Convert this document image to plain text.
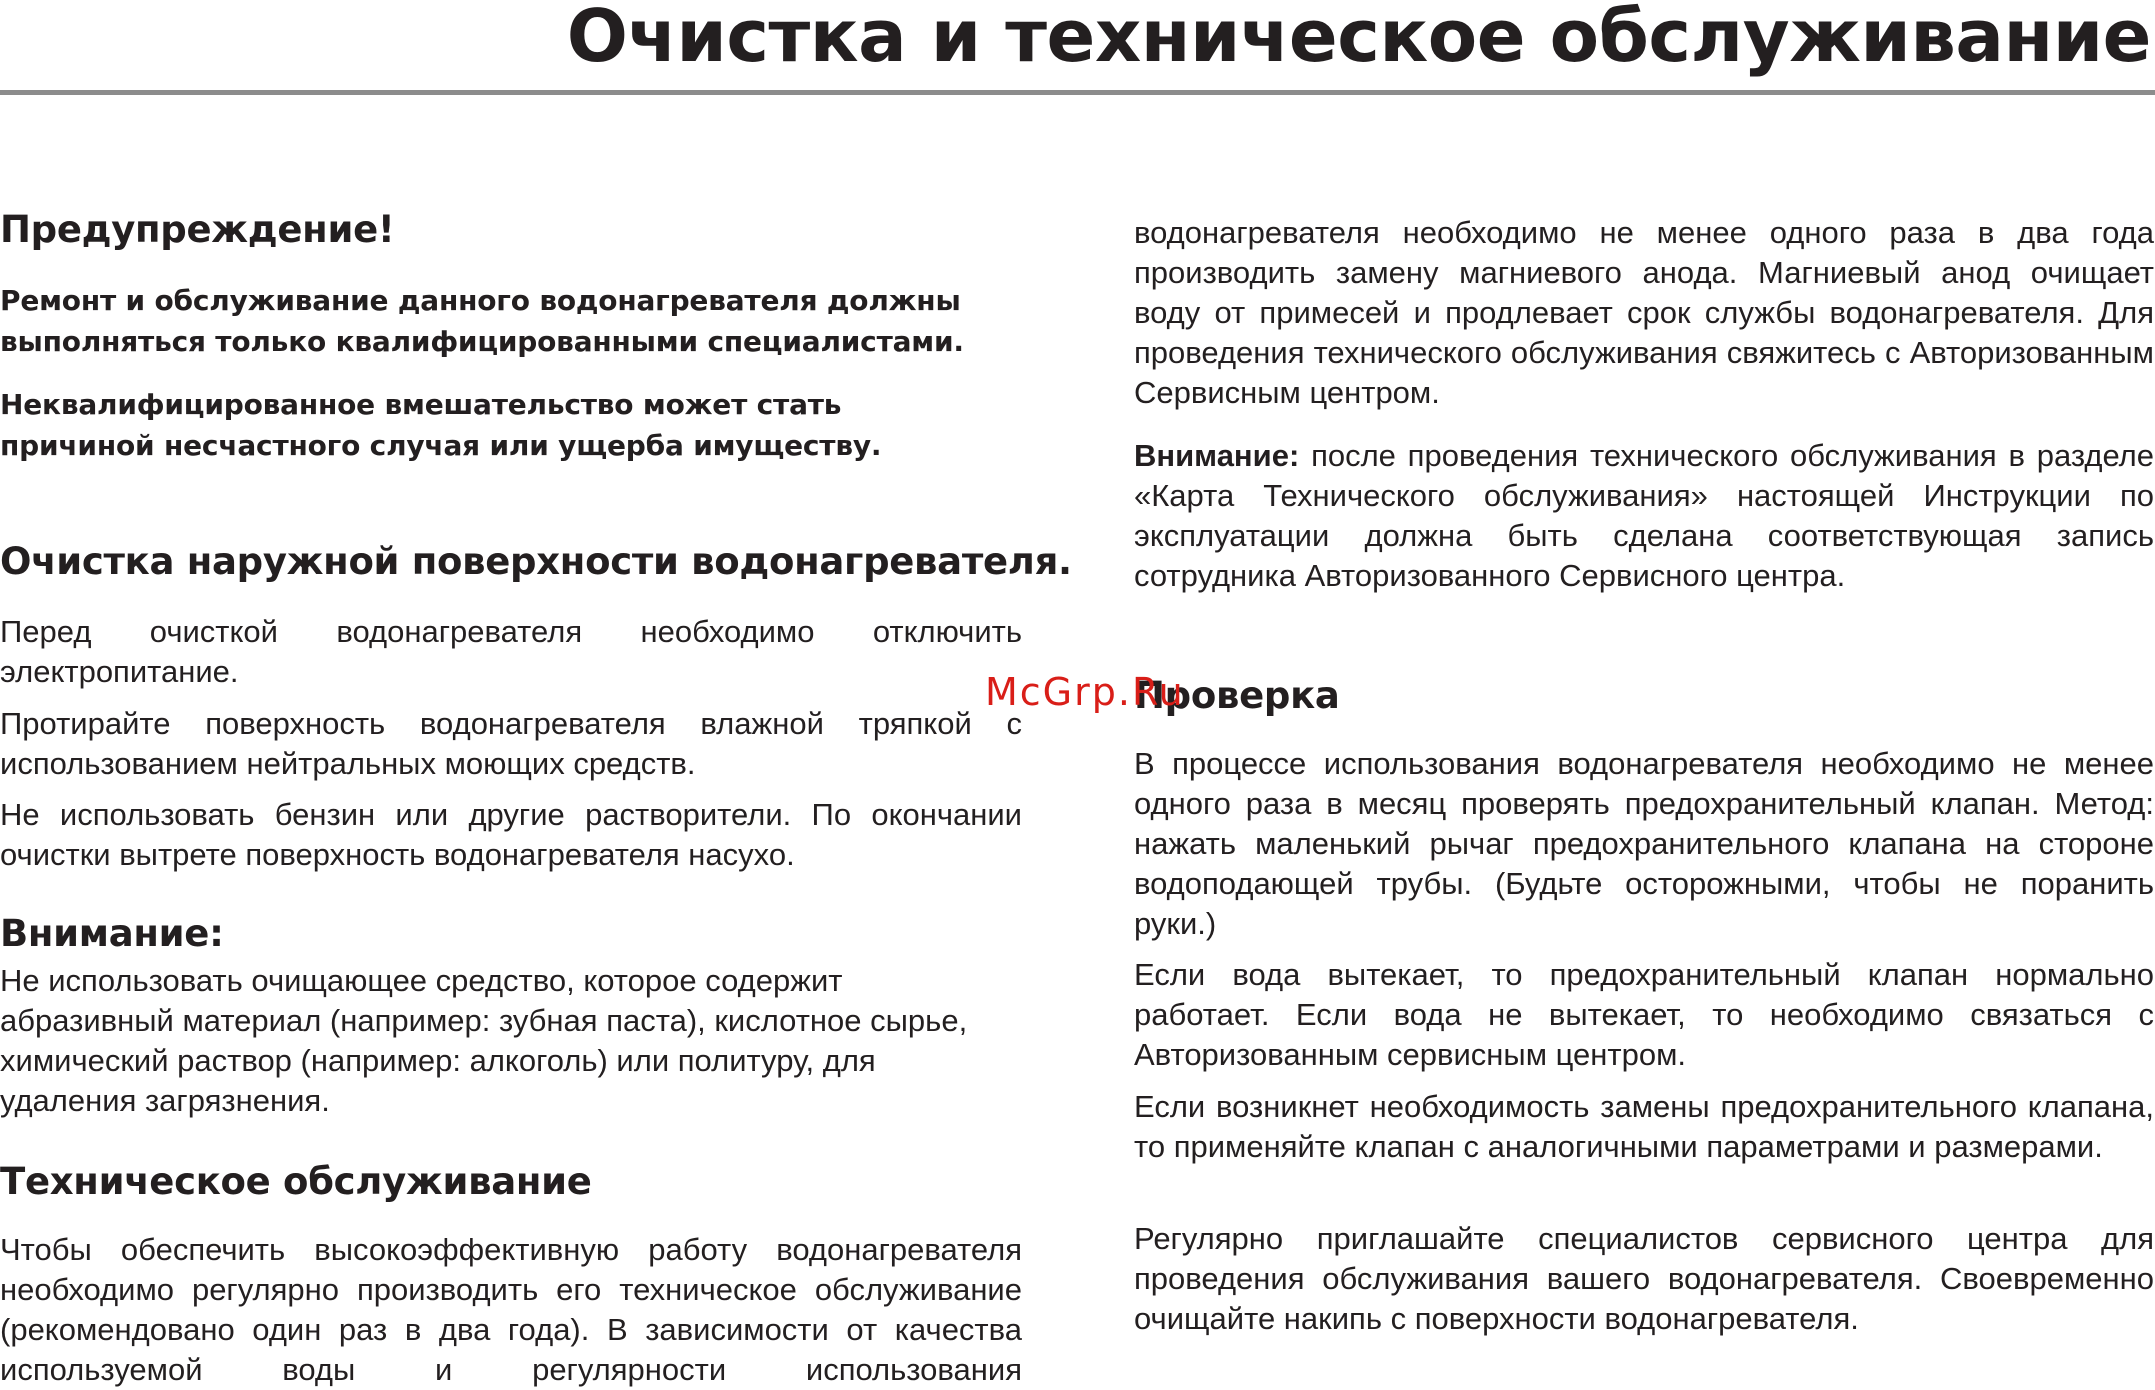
Очистка и техническое обслуживание
Предупреждение!

Ремонт и обслуживание данного водонагревателя должны выполняться только квалифицированными специалистами.

Неквалифицированное вмешательство может стать причиной несчастного случая или ущерба имуществу.

Очистка наружной поверхности водонагревателя.

Перед очисткой водонагревателя необходимо отключить электропитание.

Протирайте поверхность водонагревателя влажной тряпкой с использованием нейтральных моющих средств.

Не использовать бензин или другие растворители. По окончании очистки вытрете поверхность водонагревателя насухо.

Внимание:

Не использовать очищающее средство, которое содержит абразивный материал (например: зубная паста), кислотное сырье, химический раствор (например: алкоголь) или политуру, для удаления загрязнения.

Техническое обслуживание

Чтобы обеспечить высокоэффективную работу водонагревателя необходимо регулярно производить его техническое обслуживание (рекомендовано один раз в два года). В зависимости от качества используемой воды и регулярности использования

водонагревателя необходимо не менее одного раза в два года производить замену магниевого анода. Магниевый анод очищает воду от примесей и продлевает срок службы водонагревателя. Для проведения технического обслуживания свяжитесь с Авторизованным Сервисным центром.

Внимание: после проведения технического обслуживания в разделе «Карта Технического обслуживания» настоящей Инструкции по эксплуатации должна быть сделана соответствующая запись сотрудника Авторизованного Сервисного центра.

Проверка

В процессе использования водонагревателя необходимо не менее одного раза в месяц проверять предохранительный клапан. Метод: нажать маленький рычаг предохранительного клапана на стороне водоподающей трубы. (Будьте осторожными, чтобы не поранить руки.)

Если вода вытекает, то предохранительный клапан нормально работает. Если вода не вытекает, то необходимо связаться с Авторизованным сервисным центром.

Если возникнет необходимость замены предохранительного клапана, то применяйте клапан с аналогичными параметрами и размерами.

Регулярно приглашайте специалистов сервисного центра для проведения обслуживания вашего водонагревателя. Своевременно очищайте накипь с поверхности водонагревателя.

McGrp.Ru
